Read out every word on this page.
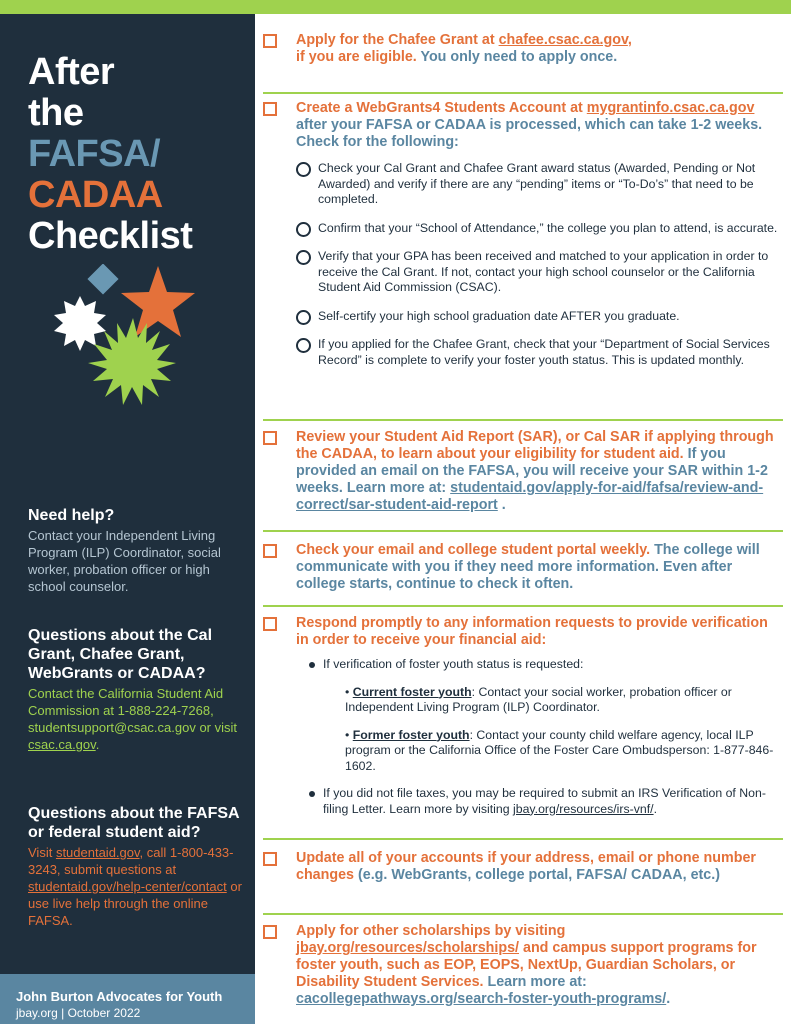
After
the
FAFSA/
CADAA
Checklist
Need help?

Contact your Independent Living Program (ILP) Coordinator, social worker, probation officer or high school counselor.

Questions about the Cal Grant, Chafee Grant, WebGrants or CADAA?

Contact the California Student Aid Commission at 1-888-224-7268, studentsupport@csac.ca.gov or visit csac.ca.gov.

Questions about the FAFSA or federal student aid?

Visit studentaid.gov, call 1-800-433-3243, submit questions at studentaid.gov/help-center/contact or use live help through the online FAFSA.

John Burton Advocates for Youth
jbay.org | October 2022
Apply for the Chafee Grant at chafee.csac.ca.gov,
if you are eligible. You only need to apply once.
Create a WebGrants4 Students Account at mygrantinfo.csac.ca.gov after your FAFSA or CADAA is processed, which can take 1-2 weeks. Check for the following:
Check your Cal Grant and Chafee Grant award status (Awarded, Pending or Not Awarded) and verify if there are any “pending” items or “To-Do’s” that need to be completed.
Confirm that your “School of Attendance,” the college you plan to attend, is accurate.
Verify that your GPA has been received and matched to your application in order to receive the Cal Grant. If not, contact your high school counselor or the California Student Aid Commission (CSAC).
Self-certify your high school graduation date AFTER you graduate.
If you applied for the Chafee Grant, check that your “Department of Social Services Record” is complete to verify your foster youth status. This is updated monthly.
Review your Student Aid Report (SAR), or Cal SAR if applying through the CADAA, to learn about your eligibility for student aid. If you provided an email on the FAFSA, you will receive your SAR within 1-2 weeks. Learn more at: studentaid.gov/apply-for-aid/fafsa/review-and-correct/sar-student-aid-report .
Check your email and college student portal weekly. The college will communicate with you if they need more information. Even after college starts, continue to check it often.
Respond promptly to any information requests to provide verification in order to receive your financial aid:
If verification of foster youth status is requested:
• Current foster youth: Contact your social worker, probation officer or Independent Living Program (ILP) Coordinator.
• Former foster youth: Contact your county child welfare agency, local ILP program or the California Office of the Foster Care Ombudsperson: 1-877-846-1602.
If you did not file taxes, you may be required to submit an IRS Verification of Non-filing Letter. Learn more by visiting jbay.org/resources/irs-vnf/.
Update all of your accounts if your address, email or phone number changes (e.g. WebGrants, college portal, FAFSA/ CADAA, etc.)
Apply for other scholarships by visiting jbay.org/resources/scholarships/ and campus support programs for foster youth, such as EOP, EOPS, NextUp, Guardian Scholars, or Disability Student Services. Learn more at: cacollegepathways.org/search-foster-youth-programs/.
